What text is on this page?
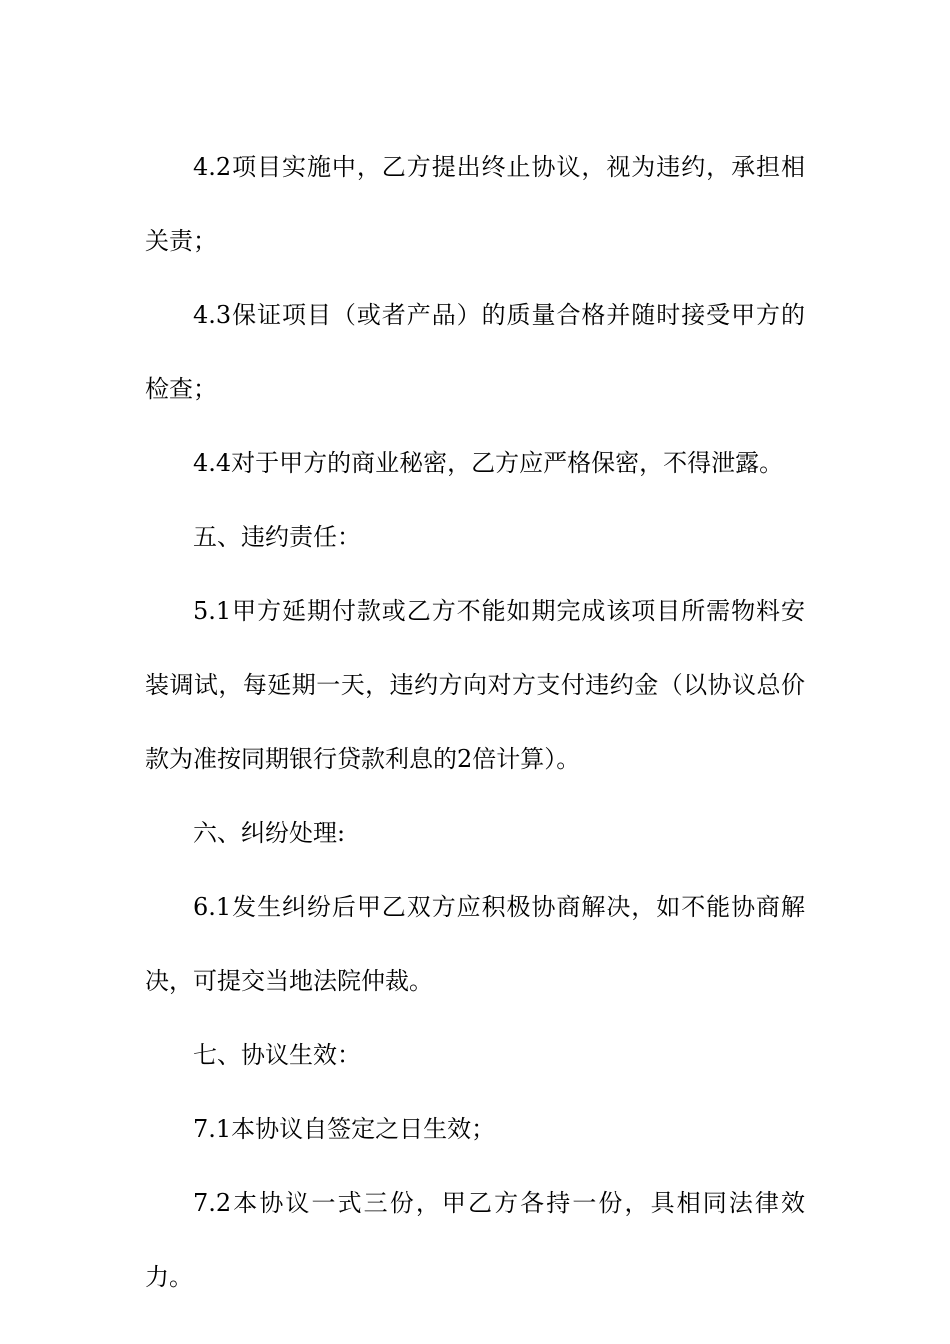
4.2项目实施中，乙方提出终止协议，视为违约，承担相关责；

4.3保证项目（或者产品）的质量合格并随时接受甲方的检查；

4.4对于甲方的商业秘密，乙方应严格保密，不得泄露。

五、违约责任：

5.1甲方延期付款或乙方不能如期完成该项目所需物料安装调试，每延期一天，违约方向对方支付违约金（以协议总价款为准按同期银行贷款利息的2倍计算）。

六、纠纷处理:

6.1发生纠纷后甲乙双方应积极协商解决，如不能协商解决，可提交当地法院仲裁。

七、协议生效：

7.1本协议自签定之日生效；

7.2本协议一式三份，甲乙方各持一份，具相同法律效力。
